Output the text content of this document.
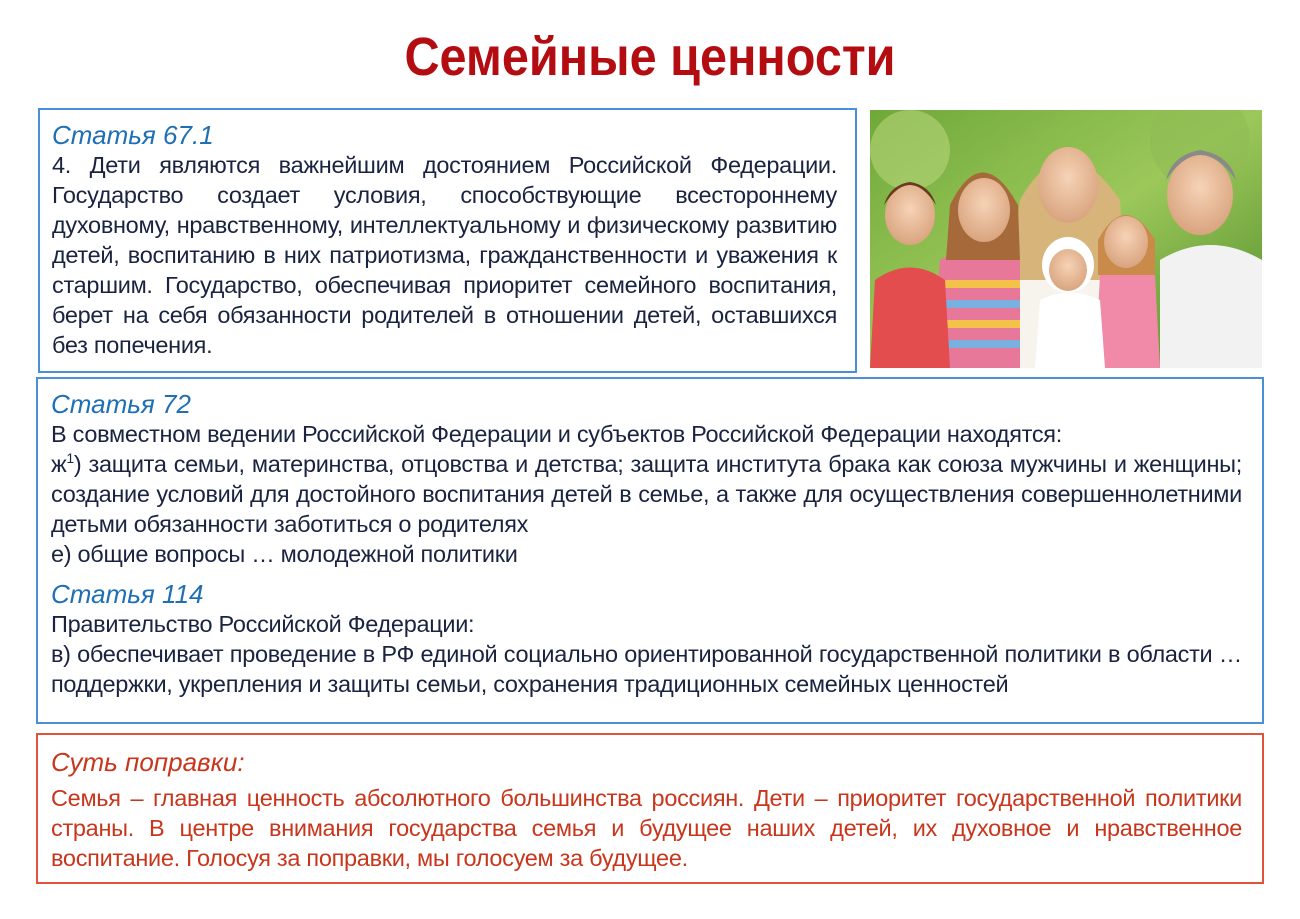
Семейные ценности

Статья 67.1

4. Дети являются важнейшим достоянием Российской Федерации. Государство создает условия, способствующие всестороннему духовному, нравственному, интеллектуальному и физическому развитию детей, воспитанию в них патриотизма, гражданственности и уважения к старшим. Государство, обеспечивая приоритет семейного воспитания, берет на себя обязанности родителей в отношении детей, оставшихся без попечения.

Статья 72

В совместном ведении Российской Федерации и субъектов Российской Федерации находятся:

$ж^1$) защита семьи, материнства, отцовства и детства; защита института брака как союза мужчины и женщины; создание условий для достойного воспитания детей в семье, а также для осуществления совершеннолетними детьми обязанности заботиться о родителях

е) общие вопросы … молодежной политики

Статья 114

Правительство Российской Федерации:

в) обеспечивает проведение в РФ единой социально ориентированной государственной политики в области … поддержки, укрепления и защиты семьи, сохранения традиционных семейных ценностей

Суть поправки:

Семья – главная ценность абсолютного большинства россиян. Дети – приоритет государственной политики страны. В центре внимания государства семья и будущее наших детей, их духовное и нравственное воспитание. Голосуя за поправки, мы голосуем за будущее.
